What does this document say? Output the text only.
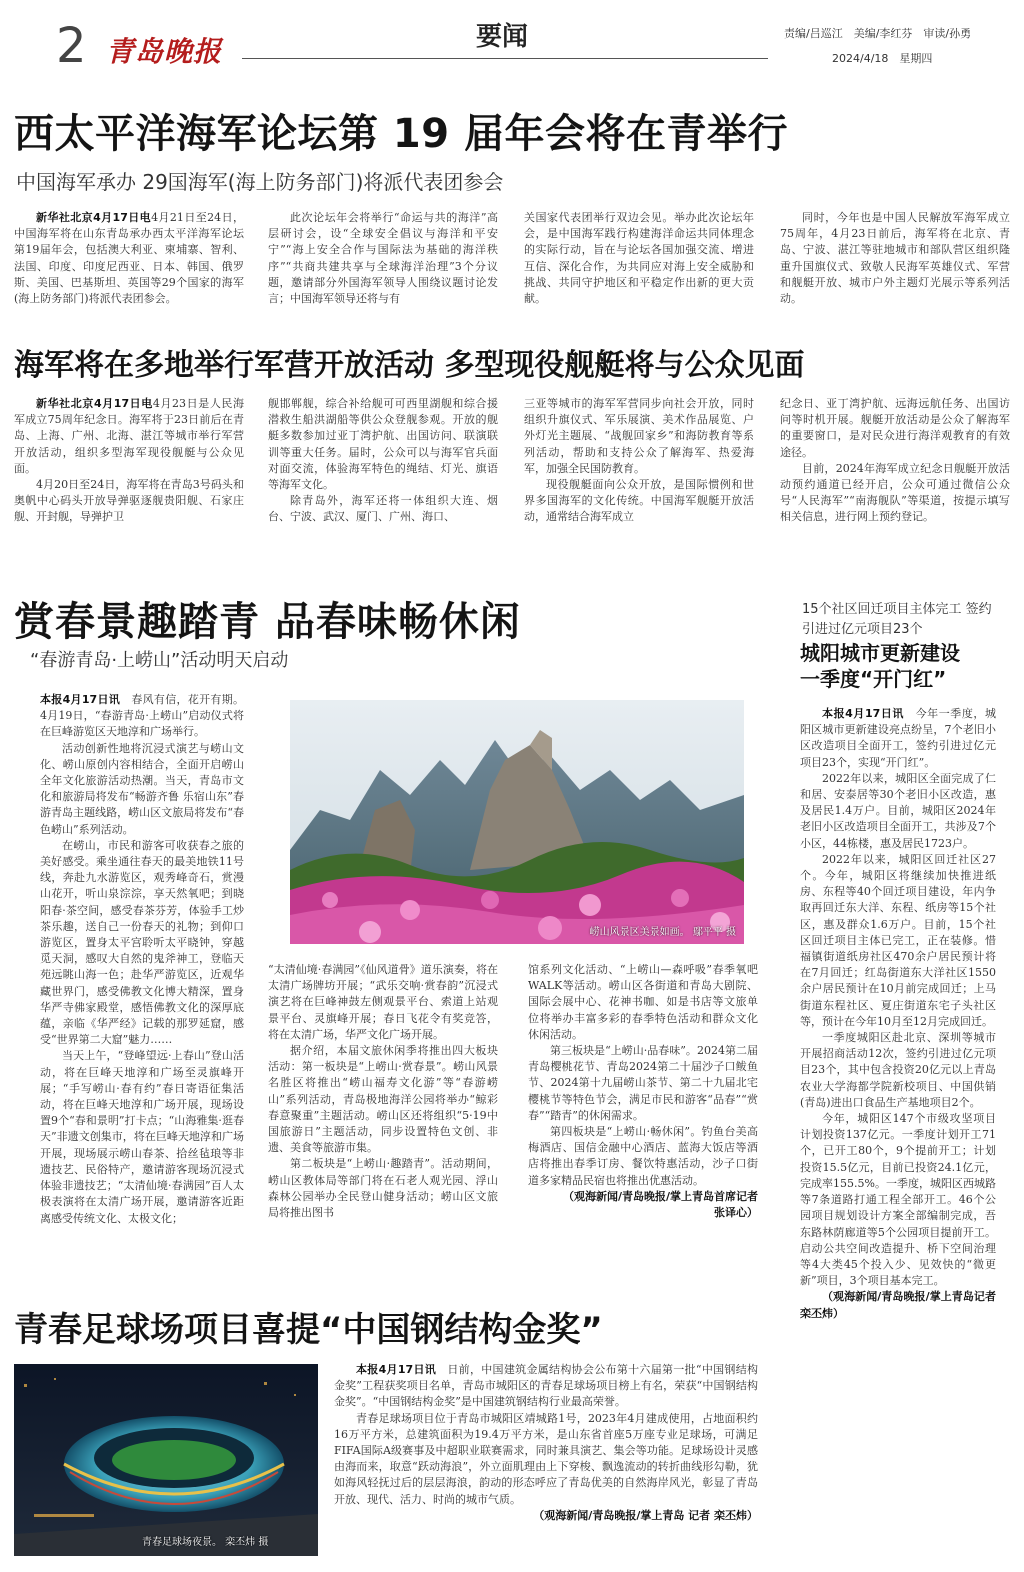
2 青岛晚报	要闻	责编/吕巡江　美编/李红芬　审读/孙勇
2024/4/18　星期四
西太平洋海军论坛第 19 届年会将在青举行
中国海军承办 29国海军(海上防务部门)将派代表团参会

新华社北京4月17日电4月21日至24日，中国海军将在山东青岛承办西太平洋海军论坛第19届年会，包括澳大利亚、柬埔寨、智利、法国、印度、印度尼西亚、日本、韩国、俄罗斯、美国、巴基斯坦、英国等29个国家的海军(海上防务部门)将派代表团参会。

此次论坛年会将举行“命运与共的海洋”高层研讨会，设“全球安全倡议与海洋和平安宁”“海上安全合作与国际法为基础的海洋秩序”“共商共建共享与全球海洋治理”3个分议题，邀请部分外国海军领导人围绕议题讨论发言；中国海军领导还将与有

关国家代表团举行双边会见。举办此次论坛年会，是中国海军践行构建海洋命运共同体理念的实际行动，旨在与论坛各国加强交流、增进互信、深化合作，为共同应对海上安全威胁和挑战、共同守护地区和平稳定作出新的更大贡献。

同时，今年也是中国人民解放军海军成立75周年，4月23日前后，海军将在北京、青岛、宁波、湛江等驻地城市和部队营区组织隆重升国旗仪式、致敬人民海军英雄仪式、军营和舰艇开放、城市户外主题灯光展示等系列活动。

海军将在多地举行军营开放活动 多型现役舰艇将与公众见面

新华社北京4月17日电4月23日是人民海军成立75周年纪念日。海军将于23日前后在青岛、上海、广州、北海、湛江等城市举行军营开放活动，组织多型海军现役舰艇与公众见面。

4月20日至24日，海军将在青岛3号码头和奥帆中心码头开放导弹驱逐舰贵阳舰、石家庄舰、开封舰，导弹护卫

舰邯郸舰，综合补给舰可可西里湖舰和综合援潜救生船洪湖船等供公众登舰参观。开放的舰艇多数参加过亚丁湾护航、出国访问、联演联训等重大任务。届时，公众可以与海军官兵面对面交流，体验海军特色的绳结、灯光、旗语等海军文化。

除青岛外，海军还将一体组织大连、烟台、宁波、武汉、厦门、广州、海口、

三亚等城市的海军军营同步向社会开放，同时组织升旗仪式、军乐展演、美术作品展览、户外灯光主题展、“战舰回家乡”和海防教育等系列活动，帮助和支持公众了解海军、热爱海军，加强全民国防教育。

现役舰艇面向公众开放，是国际惯例和世界多国海军的文化传统。中国海军舰艇开放活动，通常结合海军成立

纪念日、亚丁湾护航、远海远航任务、出国访问等时机开展。舰艇开放活动是公众了解海军的重要窗口，是对民众进行海洋观教育的有效途径。

目前，2024年海军成立纪念日舰艇开放活动预约通道已经开启，公众可通过微信公众号“人民海军”“南海舰队”等渠道，按提示填写相关信息，进行网上预约登记。

赏春景趣踏青 品春味畅休闲
“春游青岛·上崂山”活动明天启动

本报4月17日讯　 春风有信，花开有期。4月19日，“春游青岛·上崂山”启动仪式将在巨峰游览区天地淳和广场举行。

活动创新性地将沉浸式演艺与崂山文化、崂山原创内容相结合，全面开启崂山全年文化旅游活动热潮。当天，青岛市文化和旅游局将发布“畅游齐鲁 乐宿山东”春游青岛主题线路，崂山区文旅局将发布“春色崂山”系列活动。

在崂山，市民和游客可收获春之旅的美好感受。乘坐通往春天的最美地铁11号线，奔赴九水游览区，观秀峰奇石，赏漫山花开，听山泉淙淙，享天然氧吧；到晓阳春·茶空间，感受春茶芬芳，体验手工炒茶乐趣，送自己一份春天的礼物；到仰口游览区，置身太平宫聆听太平晓钟，穿越觅天洞，感叹大自然的鬼斧神工，登临天苑远眺山海一色；赴华严游览区，近观华藏世界门，感受佛教文化博大精深，置身华严寺佛家殿堂，感悟佛教文化的深厚底蕴，亲临《华严经》记载的那罗延窟，感受“世界第二大窟”魅力……

当天上午，“登峰望远·上春山”登山活动，将在巨峰天地淳和广场至灵旗峰开展；“手写崂山·春有约”春日寄语征集活动，将在巨峰天地淳和广场开展，现场设置9个“春和景明”打卡点；“山海雅集·逛春天”非遗文创集市，将在巨峰天地淳和广场开展，现场展示崂山春茶、拾丝毡琅等非遗技艺、民俗特产，邀请游客现场沉浸式体验非遗技艺；“太清仙境·春满园”百人太极表演将在太清广场开展，邀请游客近距离感受传统文化、太极文化；

崂山风景区美景如画。 鄢平平 摄

“太清仙境·春满园”《仙风道骨》道乐演奏，将在太清广场牌坊开展；“武乐交响·赏春韵”沉浸式演艺将在巨峰神鼓左侧观景平台、索道上站观景平台、灵旗峰开展；春日飞花令有奖竞答，将在太清广场，华严文化广场开展。

据介绍，本届文旅休闲季将推出四大板块活动：第一板块是“上崂山·赏春景”。崂山风景名胜区将推出“崂山福寿文化游”等“春游崂山”系列活动，青岛极地海洋公园将举办“鲸彩春意聚重”主题活动。崂山区还将组织“5·19中国旅游日”主题活动，同步设置特色文创、非遗、美食等旅游市集。

第二板块是“上崂山·趣踏青”。活动期间，崂山区教体局等部门将在石老人观光园、浮山森林公园举办全民登山健身活动；崂山区文旅局将推出图书

馆系列文化活动、“上崂山—森呼吸”春季氧吧WALK等活动。崂山区各街道和青岛大剧院、国际会展中心、花神书咖、如是书店等文旅单位将举办丰富多彩的春季特色活动和群众文化休闲活动。

第三板块是“上崂山·品春味”。2024第二届青岛樱桃花节、青岛2024第二十届沙子口鲅鱼节、2024第十九届崂山茶节、第二十九届北宅樱桃节等特色节会，满足市民和游客“品春”“赏春”“踏青”的休闲需求。

第四板块是“上崂山·畅休闲”。钓鱼台美高梅酒店、国信金融中心酒店、蓝海大饭店等酒店将推出春季订房、餐饮特惠活动，沙子口街道多家精品民宿也将推出优惠活动。

（观海新闻/青岛晚报/掌上青岛首席记者 张译心）

15个社区回迁项目主体完工 签约引进过亿元项目23个
城阳城市更新建设
一季度“开门红”

本报4月17日讯　 今年一季度，城阳区城市更新建设亮点纷呈，7个老旧小区改造项目全面开工，签约引进过亿元项目23个，实现“开门红”。

2022年以来，城阳区全面完成了仁和居、安泰居等30个老旧小区改造，惠及居民1.4万户。目前，城阳区2024年老旧小区改造项目全面开工，共涉及7个小区，44栋楼，惠及居民1723户。

2022年以来，城阳区回迁社区27个。今年，城阳区将继续加快推进纸房、东程等40个回迁项目建设，年内争取再回迁东大洋、东程、纸房等15个社区，惠及群众1.6万户。目前，15个社区回迁项目主体已完工，正在装修。惜福镇街道纸房社区470余户居民预计将在7月回迁；红岛街道东大洋社区1550余户居民预计在10月前完成回迁；上马街道东程社区、夏庄街道东宅子头社区等，预计在今年10月至12月完成回迁。

一季度城阳区赴北京、深圳等城市开展招商活动12次，签约引进过亿元项目23个，其中包含投资20亿元以上青岛农业大学海都学院新校项目、中国供销(青岛)进出口食品生产基地项目2个。

今年，城阳区147个市级攻坚项目计划投资137亿元。一季度计划开工71个，已开工80个，9个提前开工；计划投资15.5亿元，目前已投资24.1亿元，完成率155.5%。一季度，城阳区西城路等7条道路打通工程全部开工。46个公园项目规划设计方案全部编制完成，吾东路林荫廊道等5个公园项目提前开工。启动公共空间改造提升、桥下空间治理等4大类45个投入少、见效快的“微更新”项目，3个项目基本完工。

（观海新闻/青岛晚报/掌上青岛记者 栾丕炜）

青春足球场项目喜提“中国钢结构金奖”
青春足球场夜景。 栾丕炜 摄

本报4月17日讯　 日前，中国建筑金属结构协会公布第十六届第一批“中国钢结构金奖”工程获奖项目名单，青岛市城阳区的青春足球场项目榜上有名，荣获“中国钢结构金奖”。“中国钢结构金奖”是中国建筑钢结构行业最高荣誉。

青春足球场项目位于青岛市城阳区靖城路1号，2023年4月建成使用，占地面积约16万平方米，总建筑面积为19.4万平方米，是山东省首座5万座专业足球场，可满足FIFA国际A级赛事及中超职业联赛需求，同时兼具演艺、集会等功能。足球场设计灵感由海而来，取意“跃动海浪”，外立面肌理由上下穿梭、飘逸流动的转折曲线形勾勒，犹如海风轻抚过后的层层海浪，韵动的形态呼应了青岛优美的自然海岸风光，彰显了青岛开放、现代、活力、时尚的城市气质。

（观海新闻/青岛晚报/掌上青岛 记者 栾丕炜）
